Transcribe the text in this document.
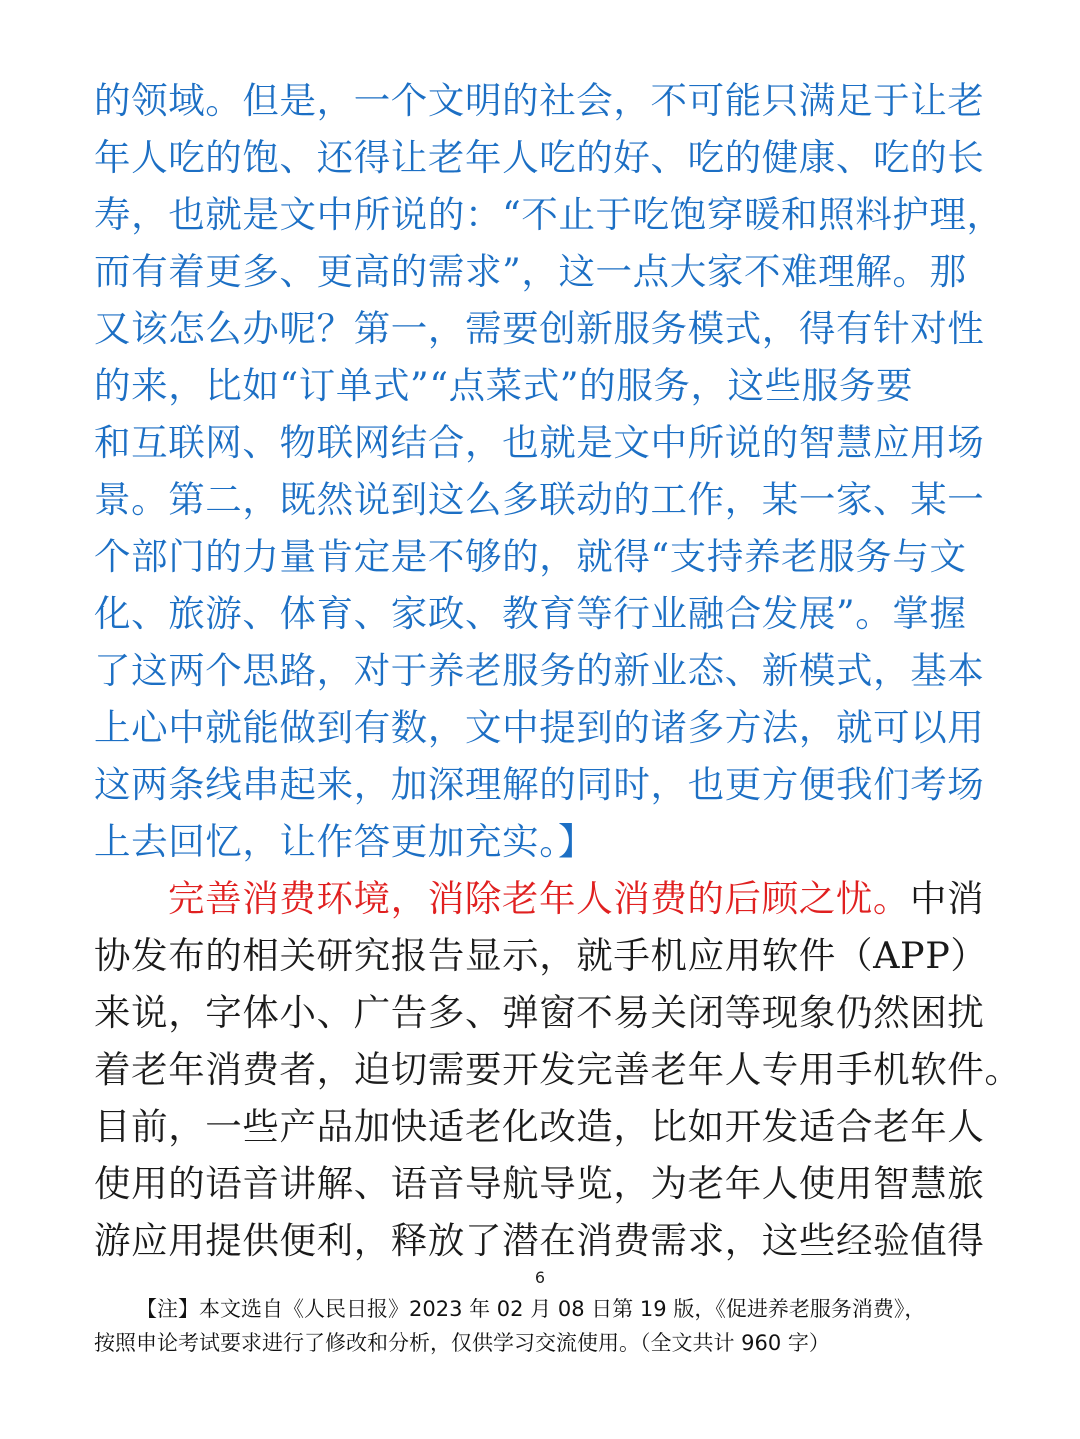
的领域。但是，一个文明的社会，不可能只满足于让老
年人吃的饱、还得让老年人吃的好、吃的健康、吃的长
寿，也就是文中所说的：“不止于吃饱穿暖和照料护理，
而有着更多、更高的需求”，这一点大家不难理解。那
又该怎么办呢？第一，需要创新服务模式，得有针对性
的来，比如“订单式”“点菜式”的服务，这些服务要
和互联网、物联网结合，也就是文中所说的智慧应用场
景。第二，既然说到这么多联动的工作，某一家、某一
个部门的力量肯定是不够的，就得“支持养老服务与文
化、旅游、体育、家政、教育等行业融合发展”。掌握
了这两个思路，对于养老服务的新业态、新模式，基本
上心中就能做到有数，文中提到的诸多方法，就可以用
这两条线串起来，加深理解的同时，也更方便我们考场
上去回忆，让作答更加充实。】
完善消费环境，消除老年人消费的后顾之忧。中消
协发布的相关研究报告显示，就手机应用软件（APP）
来说，字体小、广告多、弹窗不易关闭等现象仍然困扰
着老年消费者，迫切需要开发完善老年人专用手机软件。
目前，一些产品加快适老化改造，比如开发适合老年人
使用的语音讲解、语音导航导览，为老年人使用智慧旅
游应用提供便利，释放了潜在消费需求，这些经验值得
6
【注】本文选自《人民日报》2023 年 02 月 08 日第 19 版，《促进养老服务消费》，
按照申论考试要求进行了修改和分析，仅供学习交流使用。（全文共计 960 字）
